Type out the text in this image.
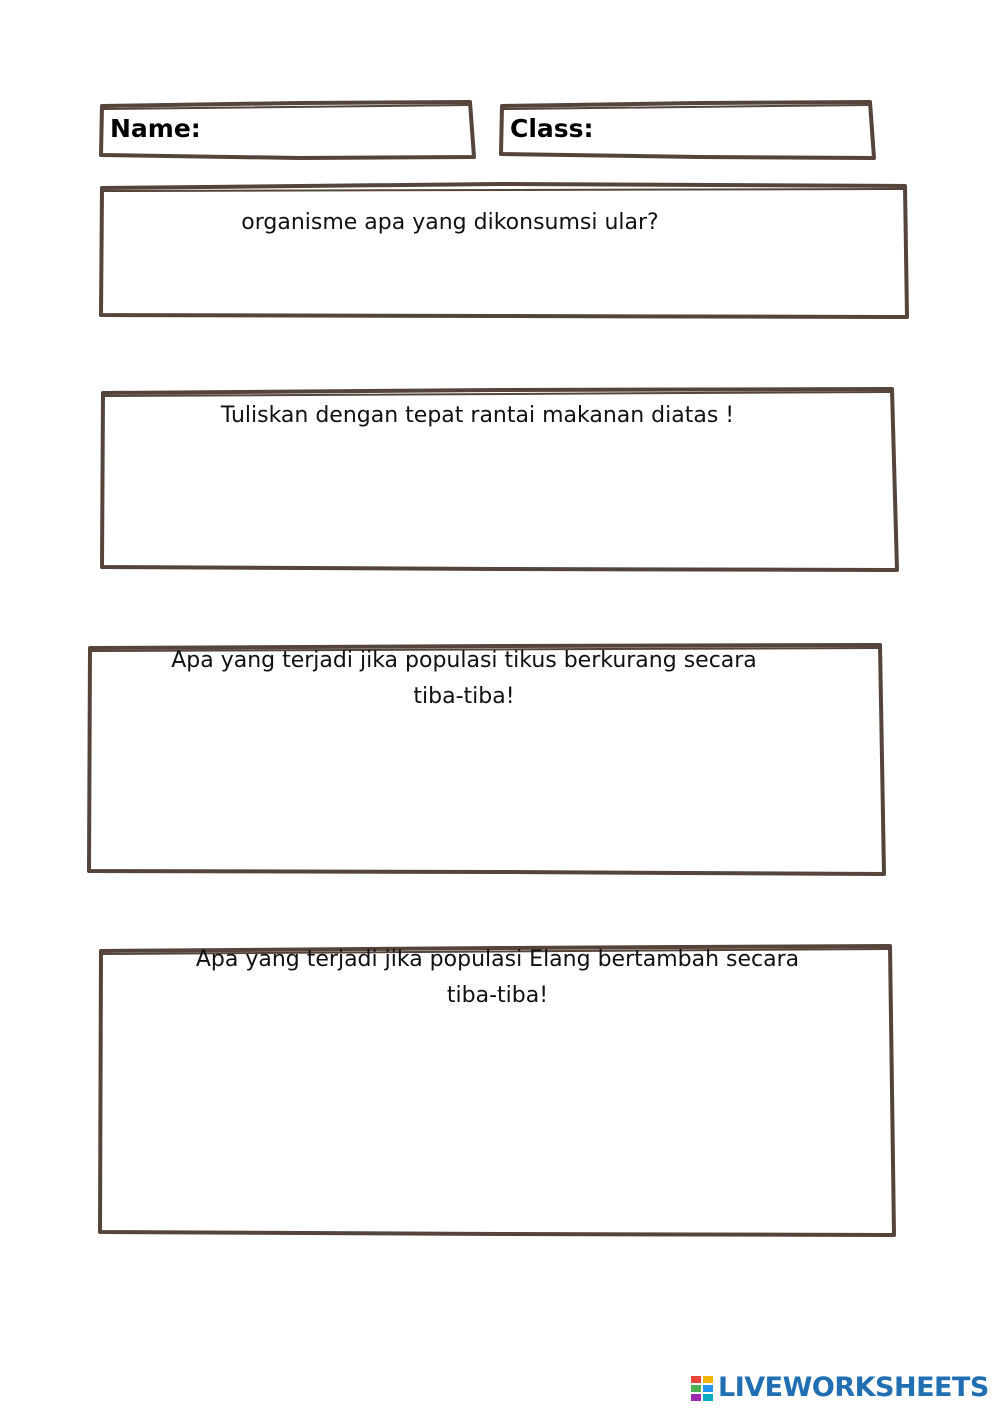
Name:	Class:

organisme apa yang dikonsumsi ular?

Tuliskan dengan tepat rantai makanan diatas !

Apa yang terjadi jika populasi tikus berkurang secara
tiba-tiba!

Apa yang terjadi jika populasi Elang bertambah secara
tiba-tiba!

LIVEWORKSHEETS
